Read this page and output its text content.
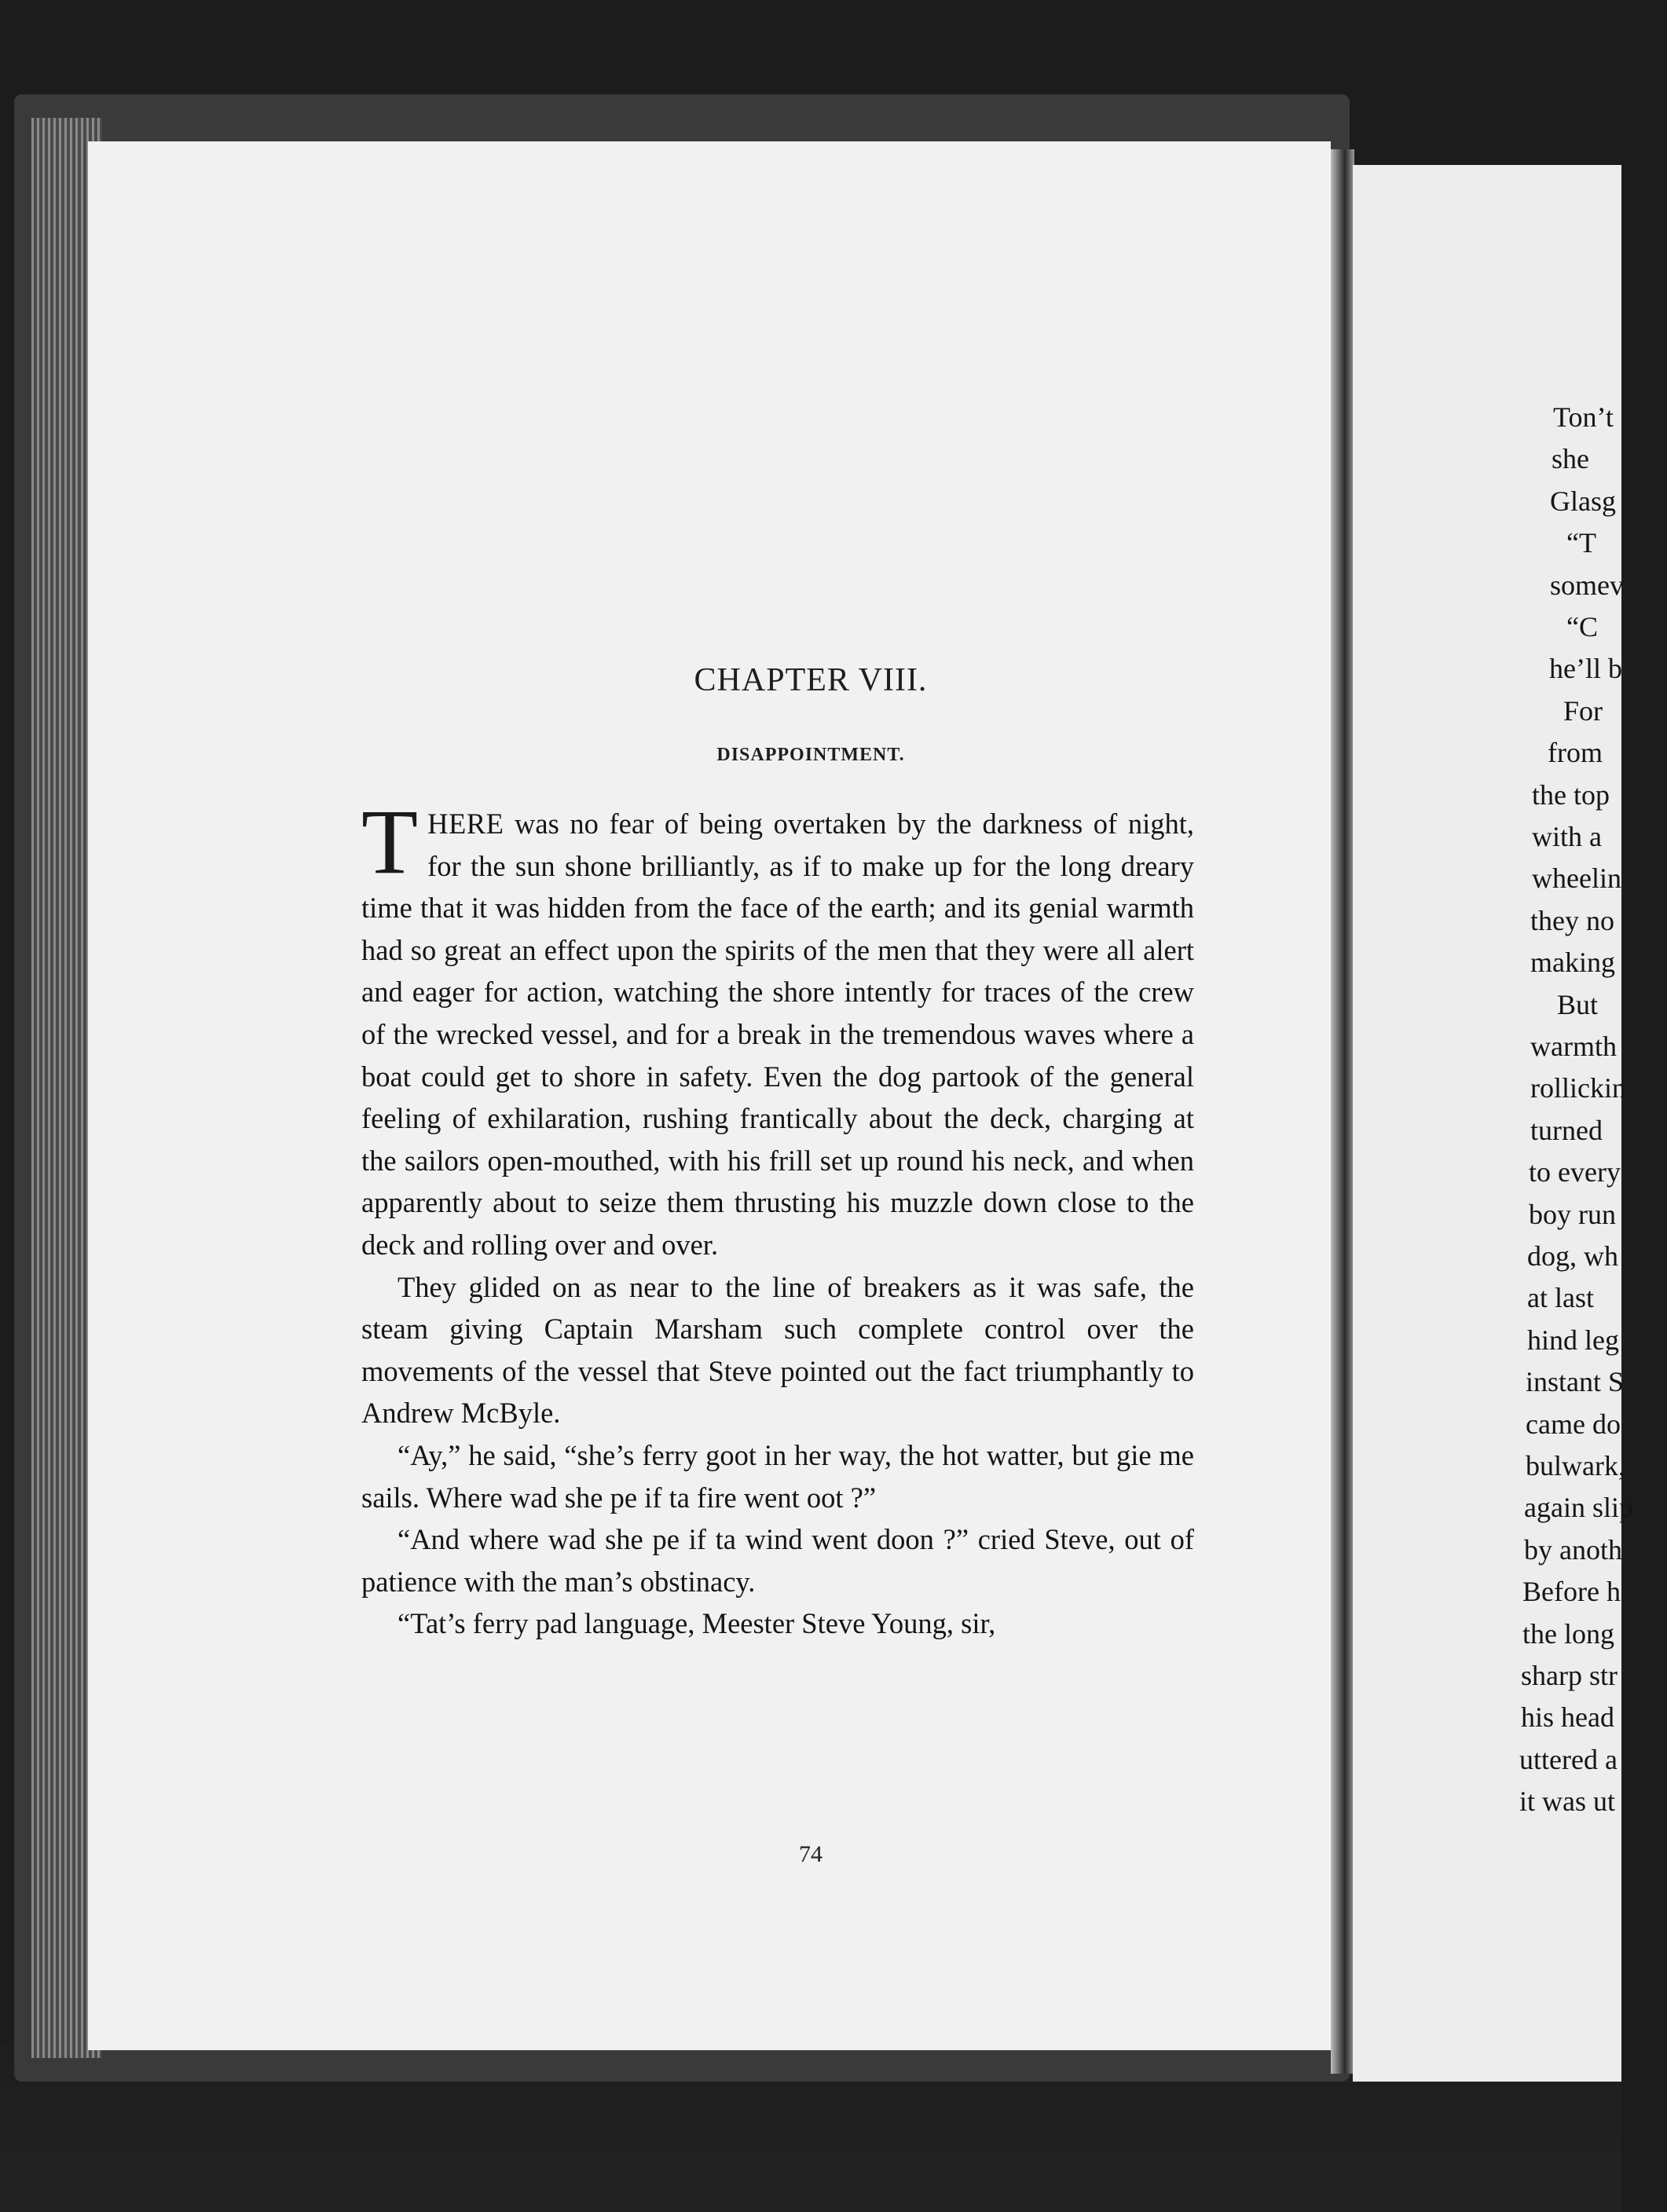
Ton’t
she
Glasg
“T
somev
“C
he’ll b
For
from
the top
with a
wheelin
they no
making
But
warmth
rollickin
turned
to every
boy run
dog, wh
at last
hind leg
instant S
came do
bulwark,
again slip
by anoth
Before h
the long
sharp str
his head
uttered a
it was ut
CHAPTER VIII.
DISAPPOINTMENT.

THERE was no fear of being overtaken by the darkness of night, for the sun shone brilliantly, as if to make up for the long dreary time that it was hidden from the face of the earth; and its genial warmth had so great an effect upon the spirits of the men that they were all alert and eager for action, watching the shore intently for traces of the crew of the wrecked vessel, and for a break in the tremendous waves where a boat could get to shore in safety. Even the dog partook of the general feeling of exhilaration, rushing frantically about the deck, charging at the sailors open-mouthed, with his frill set up round his neck, and when apparently about to seize them thrusting his muzzle down close to the deck and rolling over and over.

They glided on as near to the line of breakers as it was safe, the steam giving Captain Marsham such complete control over the movements of the vessel that Steve pointed out the fact triumphantly to Andrew McByle.

“Ay,” he said, “she’s ferry goot in her way, the hot watter, but gie me sails. Where wad she pe if ta fire went oot ?”

“And where wad she pe if ta wind went doon ?” cried Steve, out of patience with the man’s obstinacy.

“Tat’s ferry pad language, Meester Steve Young, sir,

74
